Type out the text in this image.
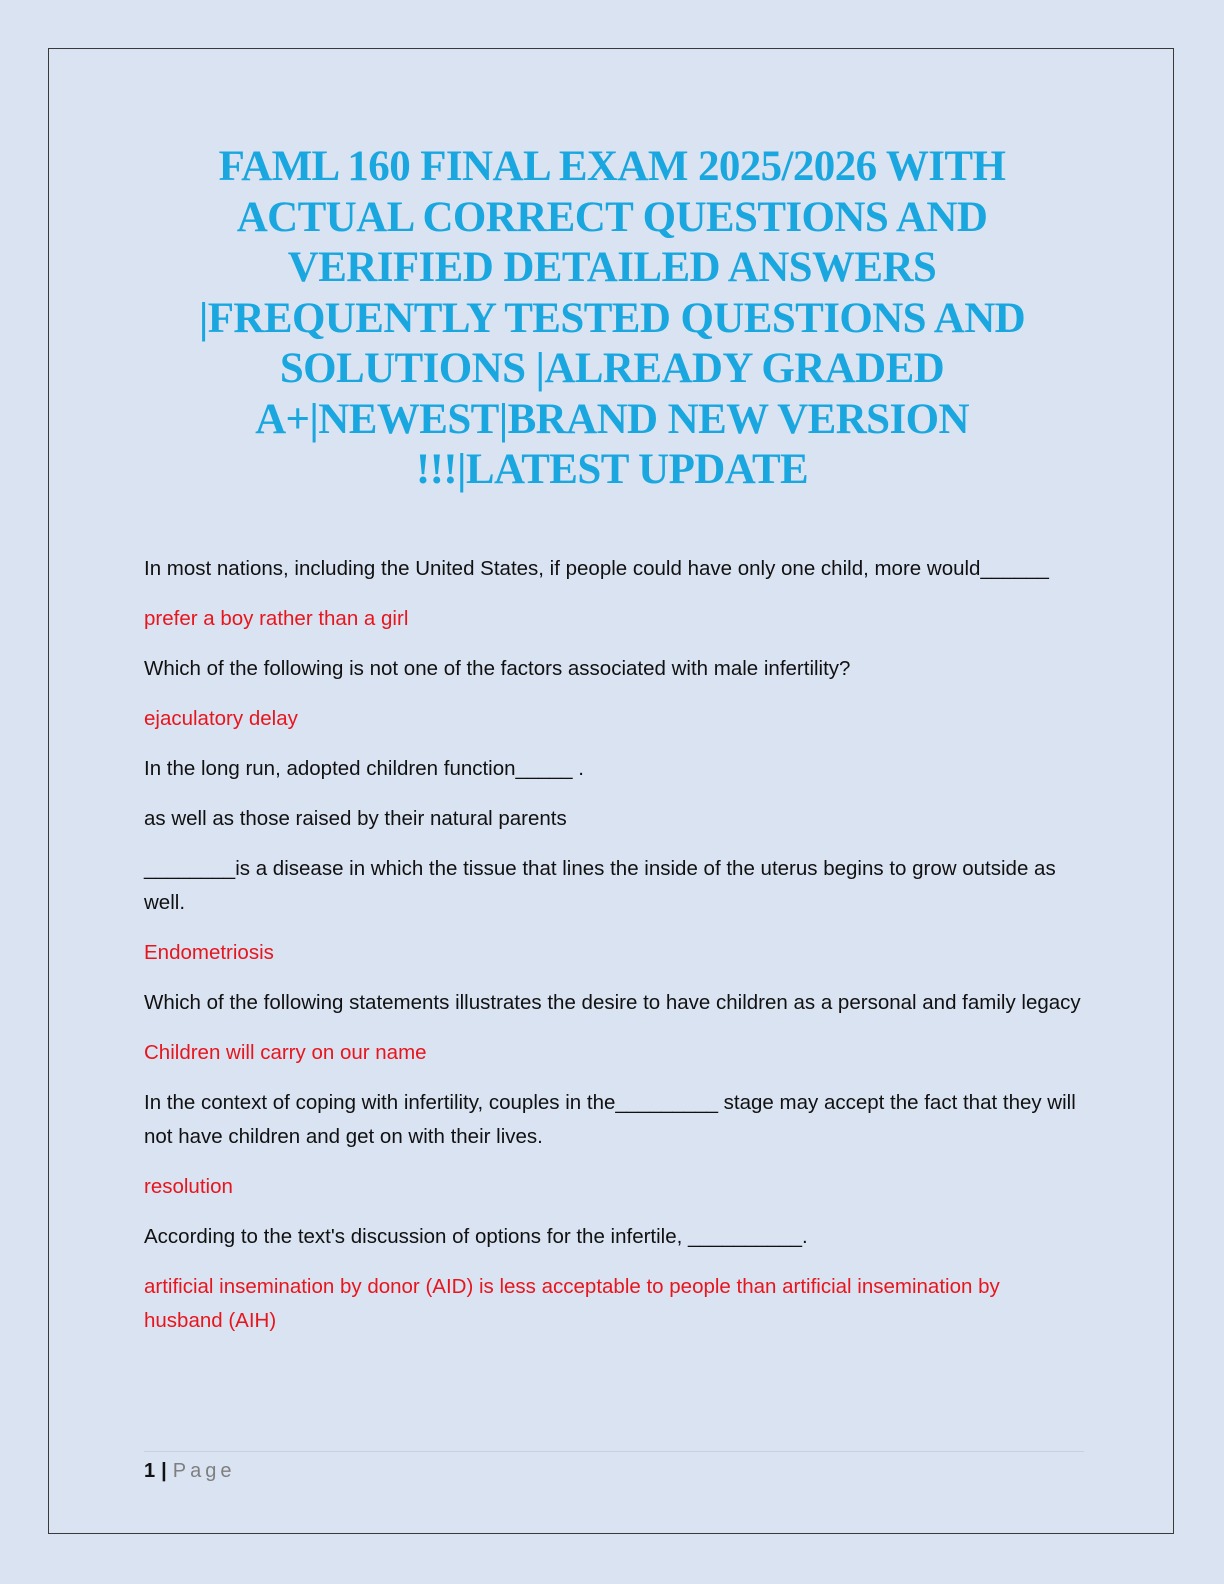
FAML 160 FINAL EXAM 2025/2026 WITH
ACTUAL CORRECT QUESTIONS AND
VERIFIED DETAILED ANSWERS
|FREQUENTLY TESTED QUESTIONS AND
SOLUTIONS |ALREADY GRADED
A+|NEWEST|BRAND NEW VERSION
!!!|LATEST UPDATE

In most nations, including the United States, if people could have only one child, more would______

prefer a boy rather than a girl

Which of the following is not one of the factors associated with male infertility?

ejaculatory delay

In the long run, adopted children function_____ .

as well as those raised by their natural parents

________is a disease in which the tissue that lines the inside of the uterus begins to grow outside as well.

Endometriosis

Which of the following statements illustrates the desire to have children as a personal and family legacy

Children will carry on our name

In the context of coping with infertility, couples in the_________ stage may accept the fact that they will not have children and get on with their lives.

resolution

According to the text's discussion of options for the infertile, __________.

artificial insemination by donor (AID) is less acceptable to people than artificial insemination by husband (AIH)

1 | Page
